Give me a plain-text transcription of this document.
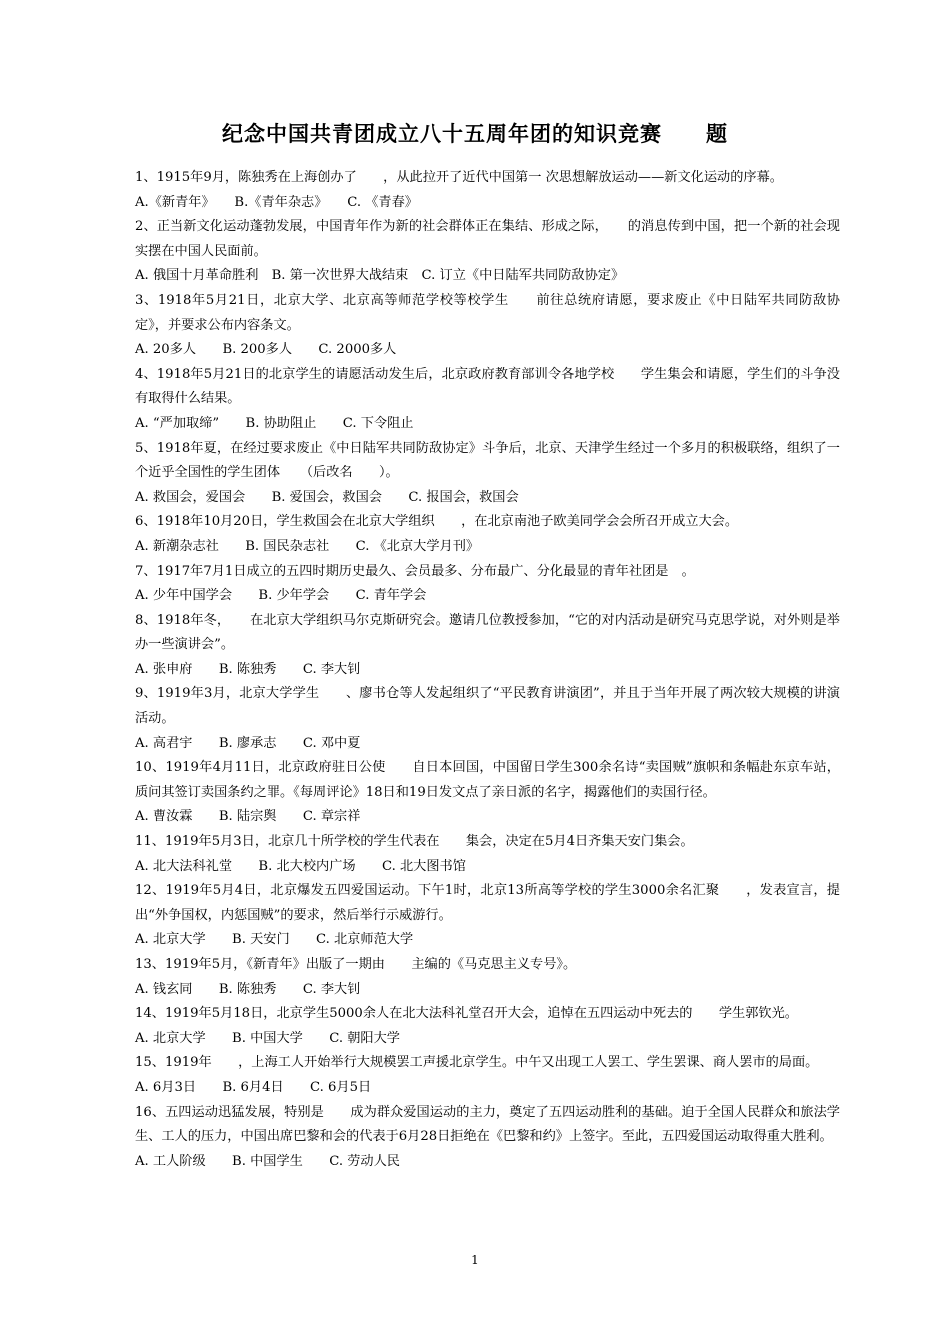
纪念中国共青团成立八十五周年团的知识竞赛　　题
1、1915年9月，陈独秀在上海创办了　　，从此拉开了近代中国第一 次思想解放运动——新文化运动的序幕。
A.《新青年》　　B.《青年杂志》　　C. 《青春》
2、正当新文化运动蓬勃发展，中国青年作为新的社会群体正在集结、形成之际，　　的消息传到中国，把一个新的社会现实摆在中国人民面前。
A. 俄国十月革命胜利　B. 第一次世界大战结束　C. 订立《中日陆军共同防敌协定》
3、1918年5月21日，北京大学、北京高等师范学校等校学生　　前往总统府请愿，要求废止《中日陆军共同防敌协定》，并要求公布内容条文。
A. 20多人　　B. 200多人　　C. 2000多人
4、1918年5月21日的北京学生的请愿活动发生后，北京政府教育部训令各地学校　　学生集会和请愿，学生们的斗争没有取得什么结果。
A. “严加取缔”　　B. 协助阻止　　C. 下令阻止
5、1918年夏，在经过要求废止《中日陆军共同防敌协定》斗争后，北京、天津学生经过一个多月的积极联络，组织了一个近乎全国性的学生团体　　（后改名　　）。
A. 救国会，爱国会　　B. 爱国会，救国会　　C. 报国会，救国会
6、1918年10月20日，学生救国会在北京大学组织　　，在北京南池子欧美同学会会所召开成立大会。
A. 新潮杂志社　　B. 国民杂志社　　C. 《北京大学月刊》
7、1917年7月1日成立的五四时期历史最久、会员最多、分布最广、分化最显的青年社团是　。
A. 少年中国学会　　B. 少年学会　　C. 青年学会
8、1918年冬，　　在北京大学组织马尔克斯研究会。邀请几位教授参加，“它的对内活动是研究马克思学说，对外则是举办一些演讲会”。
A. 张申府　　B. 陈独秀　　C. 李大钊
9、1919年3月，北京大学学生　　、廖书仓等人发起组织了“平民教育讲演团”，并且于当年开展了两次较大规模的讲演活动。
A. 高君宇　　B. 廖承志　　C. 邓中夏
10、1919年4月11日，北京政府驻日公使　　自日本回国，中国留日学生300余名诗“卖国贼”旗帜和条幅赴东京车站，质问其签订卖国条约之罪。《每周评论》18日和19日发文点了亲日派的名字，揭露他们的卖国行径。
A. 曹汝霖　　B. 陆宗舆　　C. 章宗祥
11、1919年5月3日，北京几十所学校的学生代表在　　集会，决定在5月4日齐集天安门集会。
A. 北大法科礼堂　　B. 北大校内广场　　C. 北大图书馆
12、1919年5月4日，北京爆发五四爱国运动。下午1时，北京13所高等学校的学生3000余名汇聚　　，发表宣言，提出“外争国权，内惩国贼”的要求，然后举行示威游行。
A. 北京大学　　B. 天安门　　C. 北京师范大学
13、1919年5月，《新青年》出版了一期由　　主编的《马克思主义专号》。
A. 钱玄同　　B. 陈独秀　　C. 李大钊
14、1919年5月18日，北京学生5000余人在北大法科礼堂召开大会，追悼在五四运动中死去的　　学生郭钦光。
A. 北京大学　　B. 中国大学　　C. 朝阳大学
15、1919年　　，上海工人开始举行大规模罢工声援北京学生。中午又出现工人罢工、学生罢课、商人罢市的局面。
A. 6月3日　　B. 6月4日　　C. 6月5日
16、五四运动迅猛发展，特别是　　成为群众爱国运动的主力，奠定了五四运动胜利的基础。迫于全国人民群众和旅法学生、工人的压力，中国出席巴黎和会的代表于6月28日拒绝在《巴黎和约》上签字。至此，五四爱国运动取得重大胜利。
A. 工人阶级　　B. 中国学生　　C. 劳动人民
1
